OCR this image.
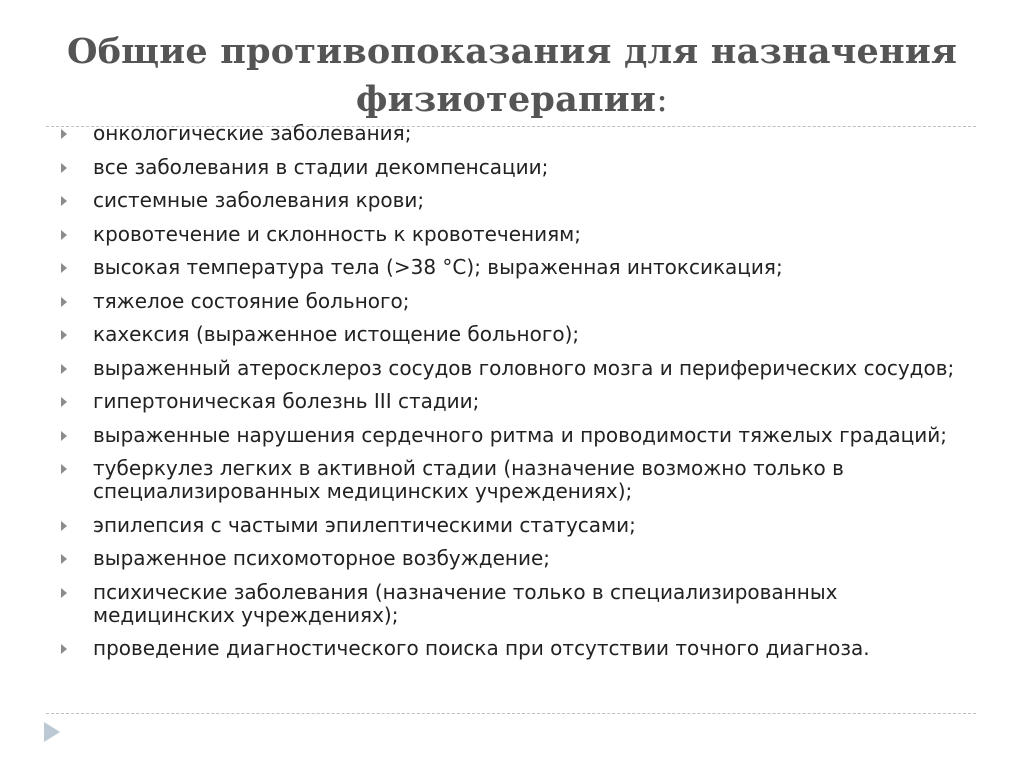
Общие противопоказания для назначения
физиотерапии:
онкологические заболевания;
все заболевания в стадии декомпенсации;
системные заболевания крови;
кровотечение и склонность к кровотечениям;
высокая температура тела (>38 °С); выраженная интоксикация;
тяжелое состояние больного;
кахексия (выраженное истощение больного);
выраженный атеросклероз сосудов головного мозга и периферических сосудов;
гипертоническая болезнь III стадии;
выраженные нарушения сердечного ритма и проводимости тяжелых градаций;
туберкулез легких в активной стадии (назначение возможно только в специализированных медицинских учреждениях);
эпилепсия с частыми эпилептическими статусами;
выраженное психомоторное возбуждение;
психические заболевания (назначение только в специализированных медицинских учреждениях);
проведение диагностического поиска при отсутствии точного диагноза.
